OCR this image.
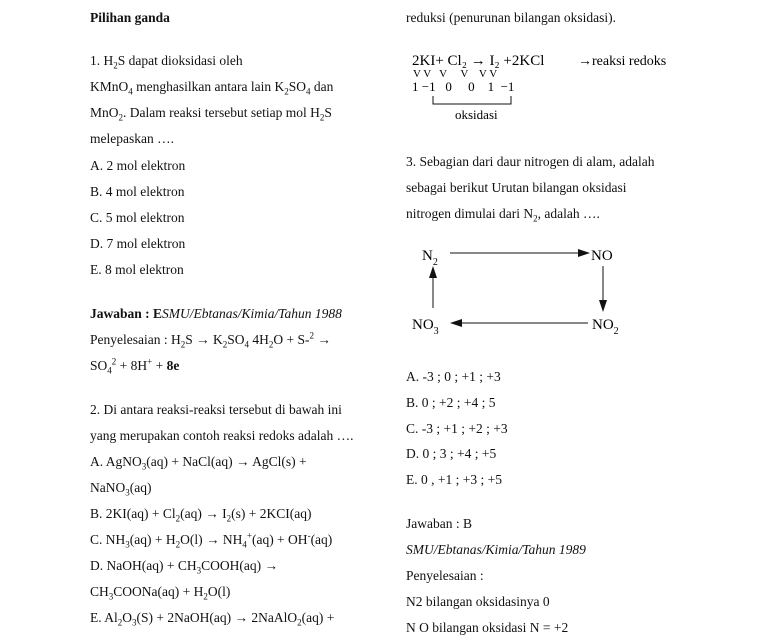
Pilihan ganda
1. $H_2S$ dapat dioksidasi oleh
KMnO$_4$ menghasilkan antara lain $K_2SO_4$ dan
MnO$_2$. Dalam reaksi tersebut setiap mol $H_2S$
melepaskan ….
A. 2 mol elektron
B. 4 mol elektron
C. 5 mol elektron
D. 7 mol elektron
E. 8 mol elektron
Jawaban : ESMU/Ebtanas/Kimia/Tahun 1988
Penyelesaian : $H_2S \to K_2SO_4$ $4H_2O + S-^2$ →
$SO_4^2 + 8H^+ + 8e$
2. Di antara reaksi-reaksi tersebut di bawah ini
yang merupakan contoh reaksi redoks adalah ….
A. AgNO$_3$(aq) + NaCl(aq) → AgCl(s) +
NaNO$_3$(aq)
B. $2KI(aq) + Cl_2(aq) \to I_2(s) + 2KCI(aq)$
C. $NH_3(aq) + H_2O(l) \to NH_4^+(aq) + OH^-(aq)$
D. NaOH(aq) + $CH_3COOH(aq)$ →
$CH_3COONa(aq) + H_2O(l)$
E. $Al_2O_3(S)$ + 2NaOH(aq) → 2NaAlO$_2$(aq) +
reduksi (penurunan bilangan oksidasi).
2KI+ Cl₂ → I₂ +2KCl →reaksi redoks
V V   V     V    V V
1 −1   0     0    1  −1
oksidasi
3. Sebagian dari daur nitrogen di alam, adalah
sebagai berikut Urutan bilangan oksidasi
nitrogen dimulai dari $N_2$, adalah ….
$N_2$	NO
$NO_3$	$NO_2$
A. -3 ; 0 ; +1 ; +3
B. 0 ; +2 ; +4 ; 5
C. -3 ; +1 ; +2 ; +3
D. 0 ; 3 ; +4 ; +5
E. 0 , +1 ; +3 ; +5
Jawaban : B
SMU/Ebtanas/Kimia/Tahun 1989
Penyelesaian :
N2 bilangan oksidasinya 0
N O bilangan oksidasi N = +2
